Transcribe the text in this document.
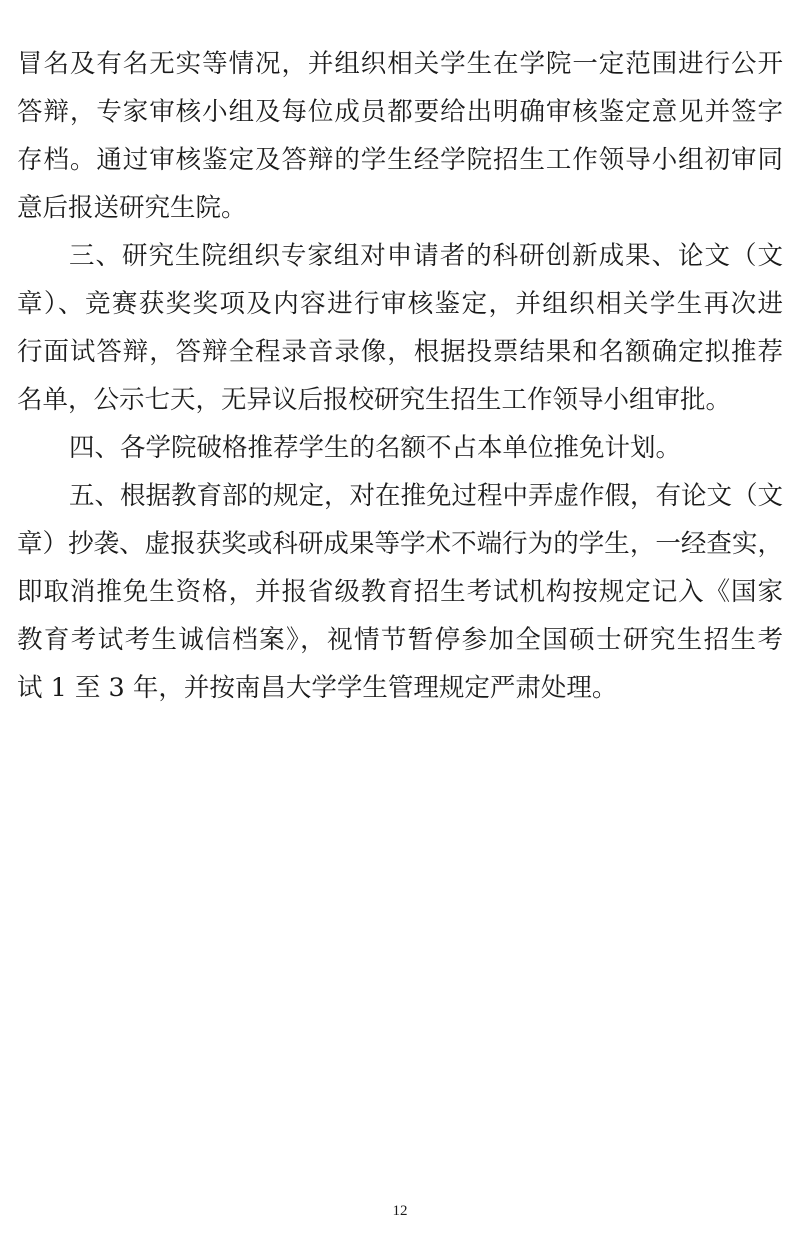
冒名及有名无实等情况，并组织相关学生在学院一定范围进行公开
答辩，专家审核小组及每位成员都要给出明确审核鉴定意见并签字
存档。通过审核鉴定及答辩的学生经学院招生工作领导小组初审同
意后报送研究生院。
三、研究生院组织专家组对申请者的科研创新成果、论文（文
章）、竞赛获奖奖项及内容进行审核鉴定，并组织相关学生再次进
行面试答辩，答辩全程录音录像，根据投票结果和名额确定拟推荐
名单，公示七天，无异议后报校研究生招生工作领导小组审批。
四、各学院破格推荐学生的名额不占本单位推免计划。
五、根据教育部的规定，对在推免过程中弄虚作假，有论文（文
章）抄袭、虚报获奖或科研成果等学术不端行为的学生，一经查实，
即取消推免生资格，并报省级教育招生考试机构按规定记入《国家
教育考试考生诚信档案》，视情节暂停参加全国硕士研究生招生考
试 1 至 3 年，并按南昌大学学生管理规定严肃处理。
12
